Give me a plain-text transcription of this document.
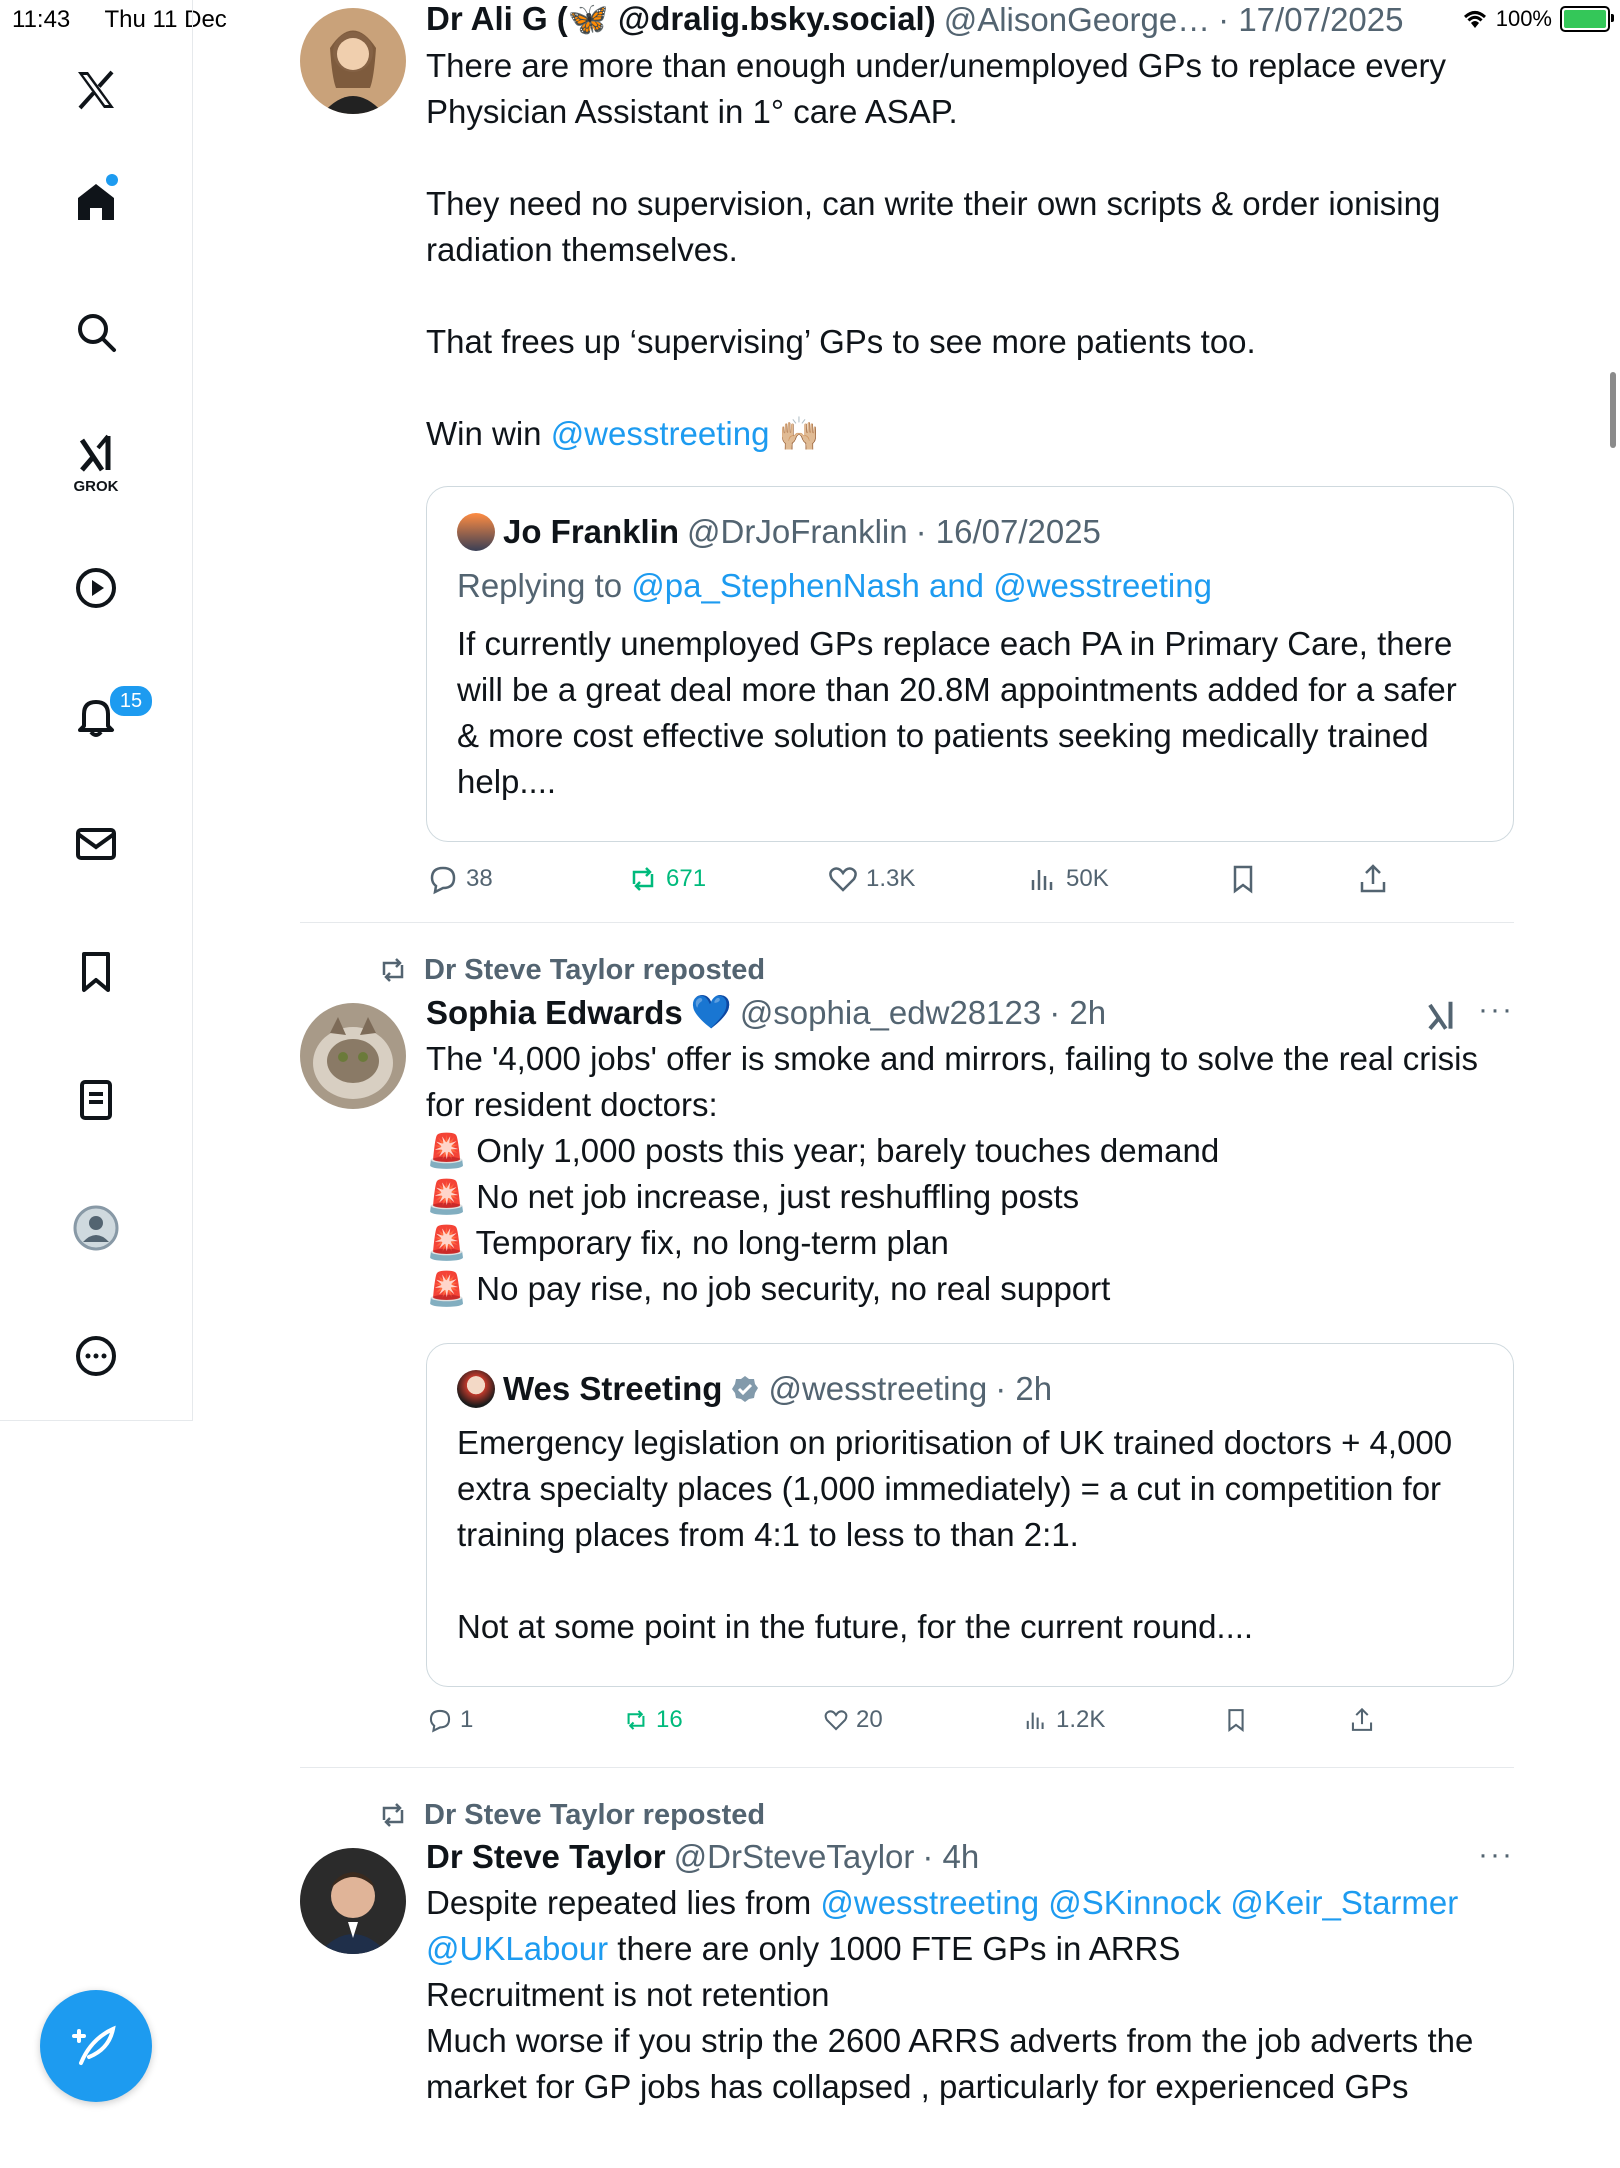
11:43 Thu 11 Dec	100%
GROK
15
Dr Ali G (🦋 @dralig.bsky.social) @AlisonGeorge… · 17/07/2025
There are more than enough under/unemployed GPs to replace every Physician Assistant in 1° care ASAP.

They need no supervision, can write their own scripts & order ionising radiation themselves.

That frees up ‘supervising’ GPs to see more patients too.
Win win @wesstreeting 🙌🏼
Jo Franklin @DrJoFranklin · 16/07/2025
Replying to @pa_StephenNash and @wesstreeting
If currently unemployed GPs replace each PA in Primary Care, there will be a great deal more than 20.8M appointments added for a safer & more cost effective solution to patients seeking medically trained help....
38	671	1.3K	50K
Dr Steve Taylor reposted
Sophia Edwards 💙 @sophia_edw28123 · 2h	···
The '4,000 jobs' offer is smoke and mirrors, failing to solve the real crisis for resident doctors:
🚨 Only 1,000 posts this year; barely touches demand
🚨 No net job increase, just reshuffling posts
🚨 Temporary fix, no long-term plan
🚨 No pay rise, no job security, no real support
Wes Streeting @wesstreeting · 2h
Emergency legislation on prioritisation of UK trained doctors + 4,000 extra specialty places (1,000 immediately) = a cut in competition for training places from 4:1 to less to than 2:1.

Not at some point in the future, for the current round....
1	16	20	1.2K
Dr Steve Taylor reposted
Dr Steve Taylor @DrSteveTaylor · 4h	···
Despite repeated lies from @wesstreeting @SKinnock @Keir_Starmer @UKLabour there are only 1000 FTE GPs in ARRS
Recruitment is not retention
Much worse if you strip the 2600 ARRS adverts from the job adverts the market for GP jobs has collapsed , particularly for experienced GPs
